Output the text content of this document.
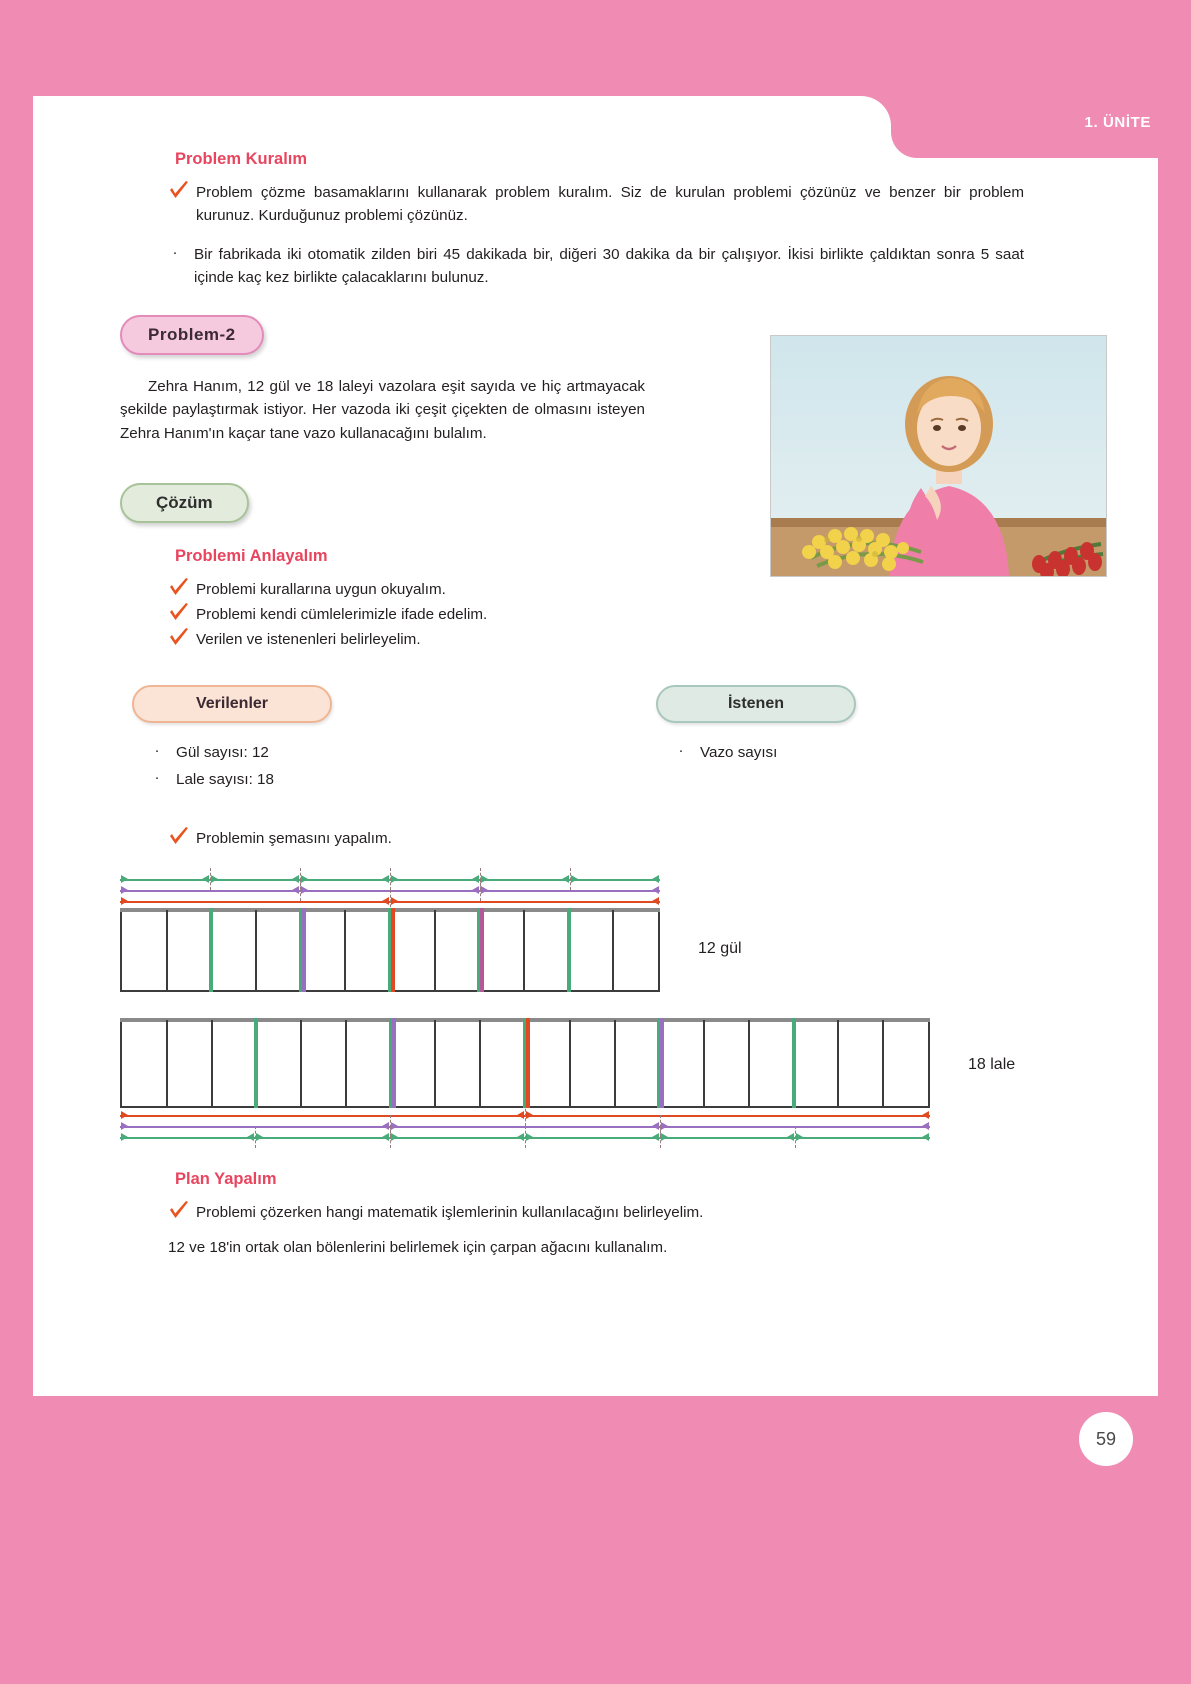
1. ÜNİTE
Problem Kuralım
Problem çözme basamaklarını kullanarak problem kuralım. Siz de kurulan problemi çözünüz ve benzer bir problem kurunuz. Kurduğunuz problemi çözünüz.
·	Bir fabrikada iki otomatik zilden biri 45 dakikada bir, diğeri 30 dakika da bir çalışıyor. İkisi birlikte çaldıktan sonra 5 saat içinde kaç kez birlikte çalacaklarını bulunuz.
Problem-2

Zehra Hanım, 12 gül ve 18 laleyi vazolara eşit sayıda ve hiç artmayacak şekilde paylaştırmak istiyor. Her vazoda iki çeşit çiçekten de olmasını isteyen Zehra Hanım'ın kaçar tane vazo kullanacağını bulalım.

Çözüm
Problemi Anlayalım
Problemi kurallarına uygun okuyalım.
Problemi kendi cümlelerimizle ifade edelim.
Verilen ve istenenleri belirleyelim.
Verilenler
·	Gül sayısı: 12
·	Lale sayısı: 18
İstenen
·	Vazo sayısı
Problemin şemasını yapalım.
12 gül
18 lale
Plan Yapalım
Problemi çözerken hangi matematik işlemlerinin kullanılacağını belirleyelim.

12 ve 18'in ortak olan bölenlerini belirlemek için çarpan ağacını kullanalım.

59
